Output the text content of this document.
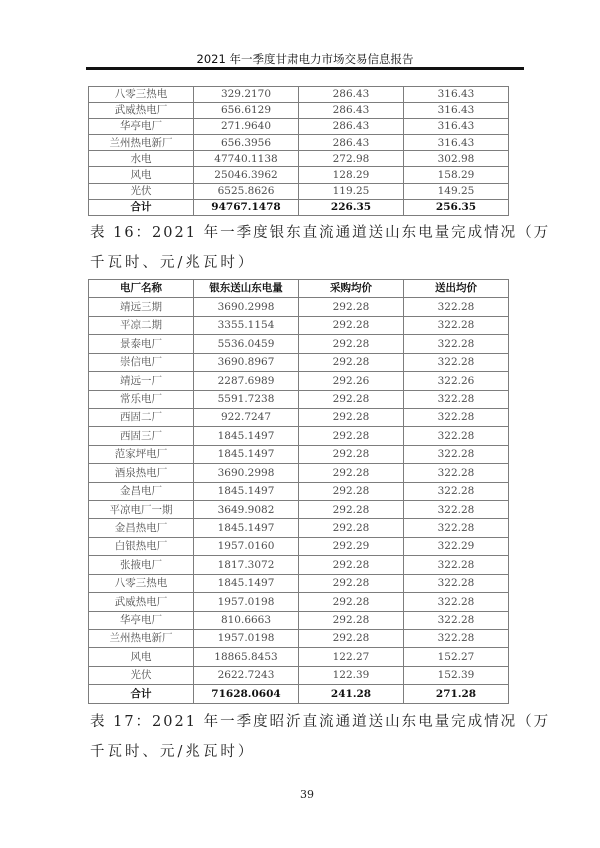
2021 年一季度甘肃电力市场交易信息报告
八零三热电	329.2170	286.43	316.43
武威热电厂	656.6129	286.43	316.43
华亭电厂	271.9640	286.43	316.43
兰州热电新厂	656.3956	286.43	316.43
水电	47740.1138	272.98	302.98
风电	25046.3962	128.29	158.29
光伏	6525.8626	119.25	149.25
合计	94767.1478	226.35	256.35
表 16：2021 年一季度银东直流通道送山东电量完成情况（万
千瓦时、元/兆瓦时）
电厂名称	银东送山东电量	采购均价	送出均价
靖远三期	3690.2998	292.28	322.28
平凉二期	3355.1154	292.28	322.28
景泰电厂	5536.0459	292.28	322.28
崇信电厂	3690.8967	292.28	322.28
靖远一厂	2287.6989	292.26	322.26
常乐电厂	5591.7238	292.28	322.28
西固二厂	922.7247	292.28	322.28
西固三厂	1845.1497	292.28	322.28
范家坪电厂	1845.1497	292.28	322.28
酒泉热电厂	3690.2998	292.28	322.28
金昌电厂	1845.1497	292.28	322.28
平凉电厂一期	3649.9082	292.28	322.28
金昌热电厂	1845.1497	292.28	322.28
白银热电厂	1957.0160	292.29	322.29
张掖电厂	1817.3072	292.28	322.28
八零三热电	1845.1497	292.28	322.28
武威热电厂	1957.0198	292.28	322.28
华亭电厂	810.6663	292.28	322.28
兰州热电新厂	1957.0198	292.28	322.28
风电	18865.8453	122.27	152.27
光伏	2622.7243	122.39	152.39
合计	71628.0604	241.28	271.28
表 17：2021 年一季度昭沂直流通道送山东电量完成情况（万
千瓦时、元/兆瓦时）
39
